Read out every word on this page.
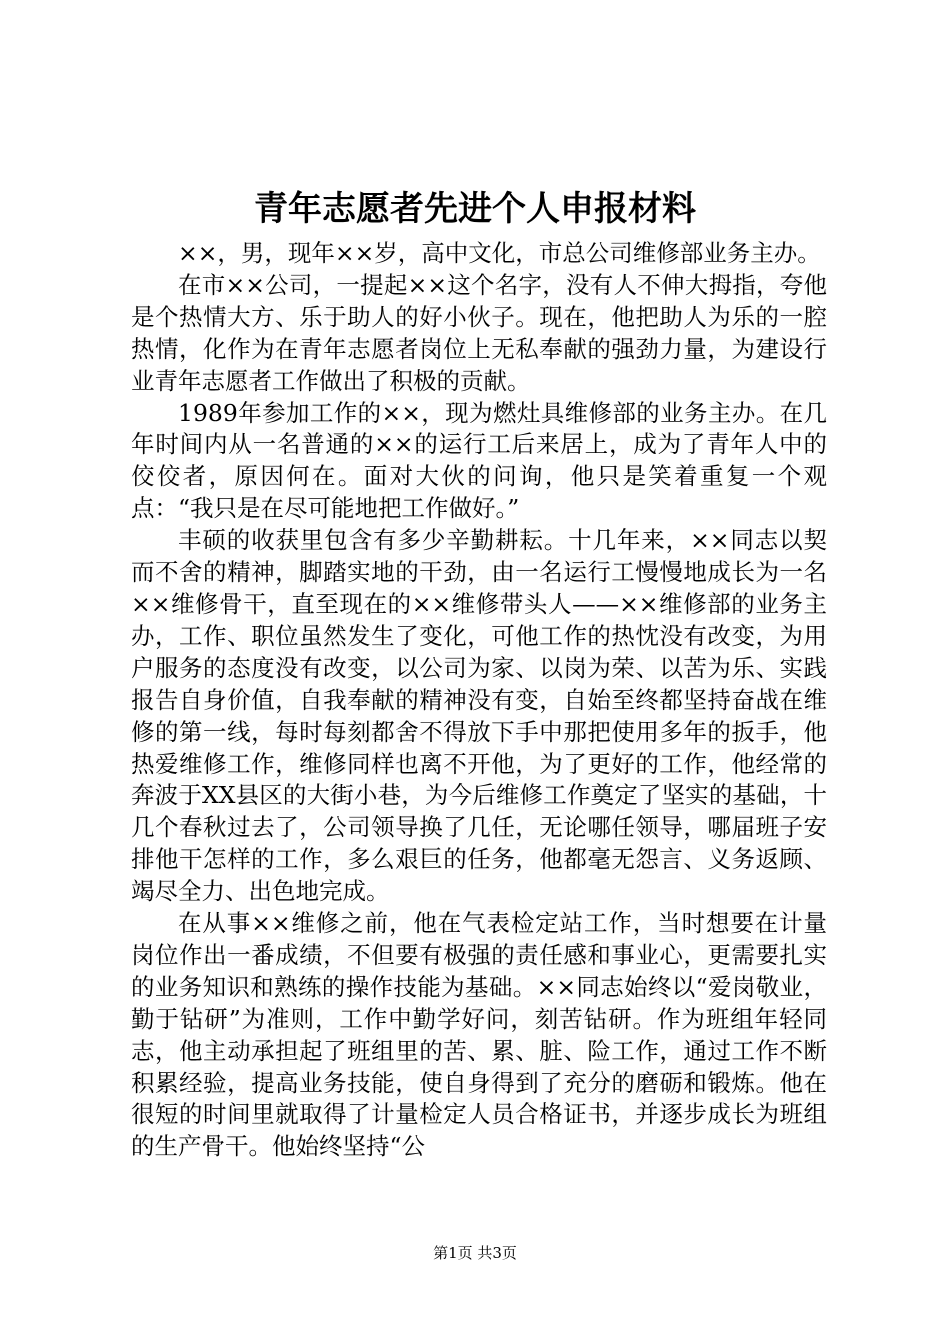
青年志愿者先进个人申报材料

××，男，现年××岁，高中文化，市总公司维修部业务主办。

在市××公司，一提起××这个名字，没有人不伸大拇指，夸他是个热情大方、乐于助人的好小伙子。现在，他把助人为乐的一腔热情，化作为在青年志愿者岗位上无私奉献的强劲力量，为建设行业青年志愿者工作做出了积极的贡献。

1989年参加工作的××，现为燃灶具维修部的业务主办。在几年时间内从一名普通的××的运行工后来居上，成为了青年人中的佼佼者，原因何在。面对大伙的问询，他只是笑着重复一个观点：“我只是在尽可能地把工作做好。”

丰硕的收获里包含有多少辛勤耕耘。十几年来，××同志以契而不舍的精神，脚踏实地的干劲，由一名运行工慢慢地成长为一名××维修骨干，直至现在的××维修带头人——××维修部的业务主办，工作、职位虽然发生了变化，可他工作的热忱没有改变，为用户服务的态度没有改变，以公司为家、以岗为荣、以苦为乐、实践报告自身价值，自我奉献的精神没有变，自始至终都坚持奋战在维修的第一线，每时每刻都舍不得放下手中那把使用多年的扳手，他热爱维修工作，维修同样也离不开他，为了更好的工作，他经常的奔波于XX县区的大街小巷，为今后维修工作奠定了坚实的基础，十几个春秋过去了，公司领导换了几任，无论哪任领导，哪届班子安排他干怎样的工作，多么艰巨的任务，他都毫无怨言、义务返顾、竭尽全力、出色地完成。

在从事××维修之前，他在气表检定站工作，当时想要在计量岗位作出一番成绩，不但要有极强的责任感和事业心，更需要扎实的业务知识和熟练的操作技能为基础。××同志始终以“爱岗敬业，勤于钻研”为准则，工作中勤学好问，刻苦钻研。作为班组年轻同志，他主动承担起了班组里的苦、累、脏、险工作，通过工作不断积累经验，提高业务技能，使自身得到了充分的磨砺和锻炼。他在很短的时间里就取得了计量检定人员合格证书，并逐步成长为班组的生产骨干。他始终坚持“公

第1页 共3页
